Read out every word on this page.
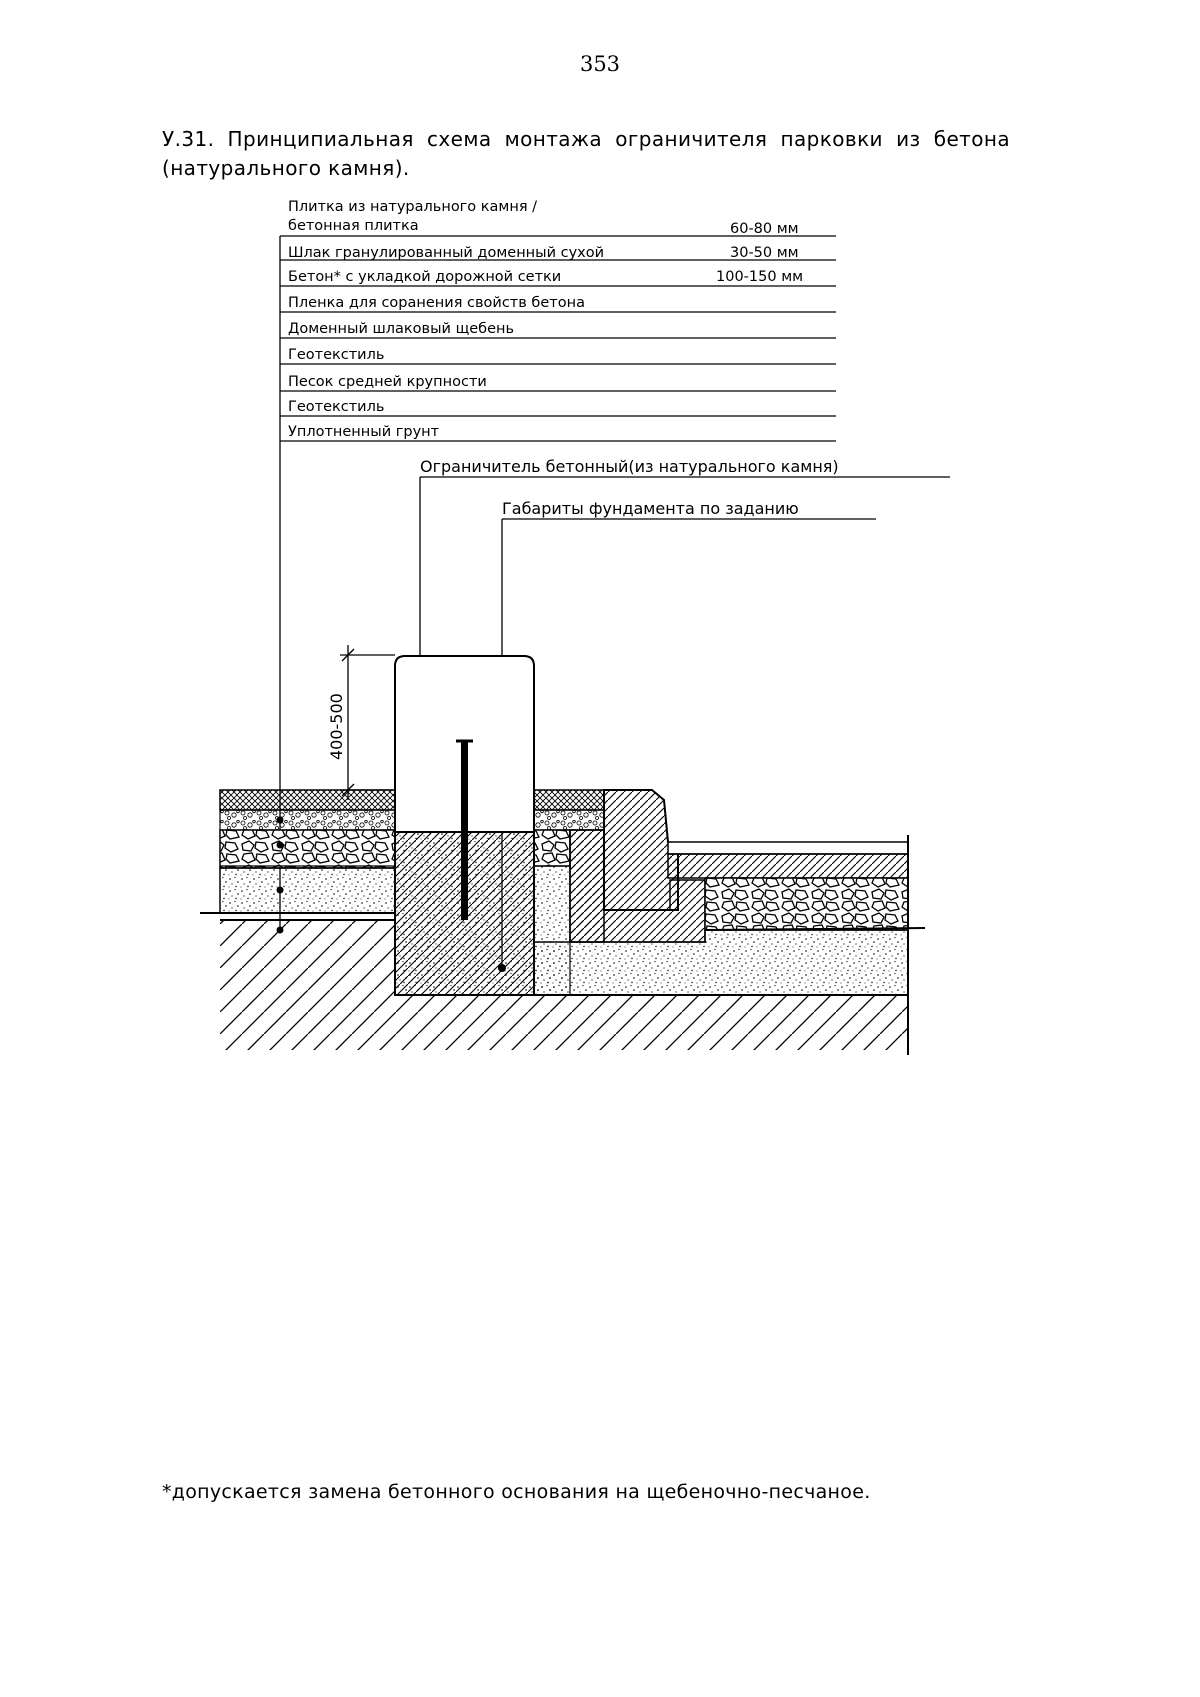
353
У.31. Принципиальная схема монтажа ограничителя парковки из бетона (натурального камня).
Плитка из натурального камня /
бетонная плитка	60-80 мм
Шлак гранулированный доменный сухой	30-50 мм
Бетон* с укладкой дорожной сетки	100-150 мм
Пленка для сорaнения свойств бетона
Доменный шлаковый щебень
Геотекстиль
Песок средней крупности
Геотекстиль
Уплотненный грунт
Ограничитель бетонный(из натурального камня)
Габариты фундамента по заданию
400-500
*допускается замена бетонного основания на щебеночно-песчаное.
